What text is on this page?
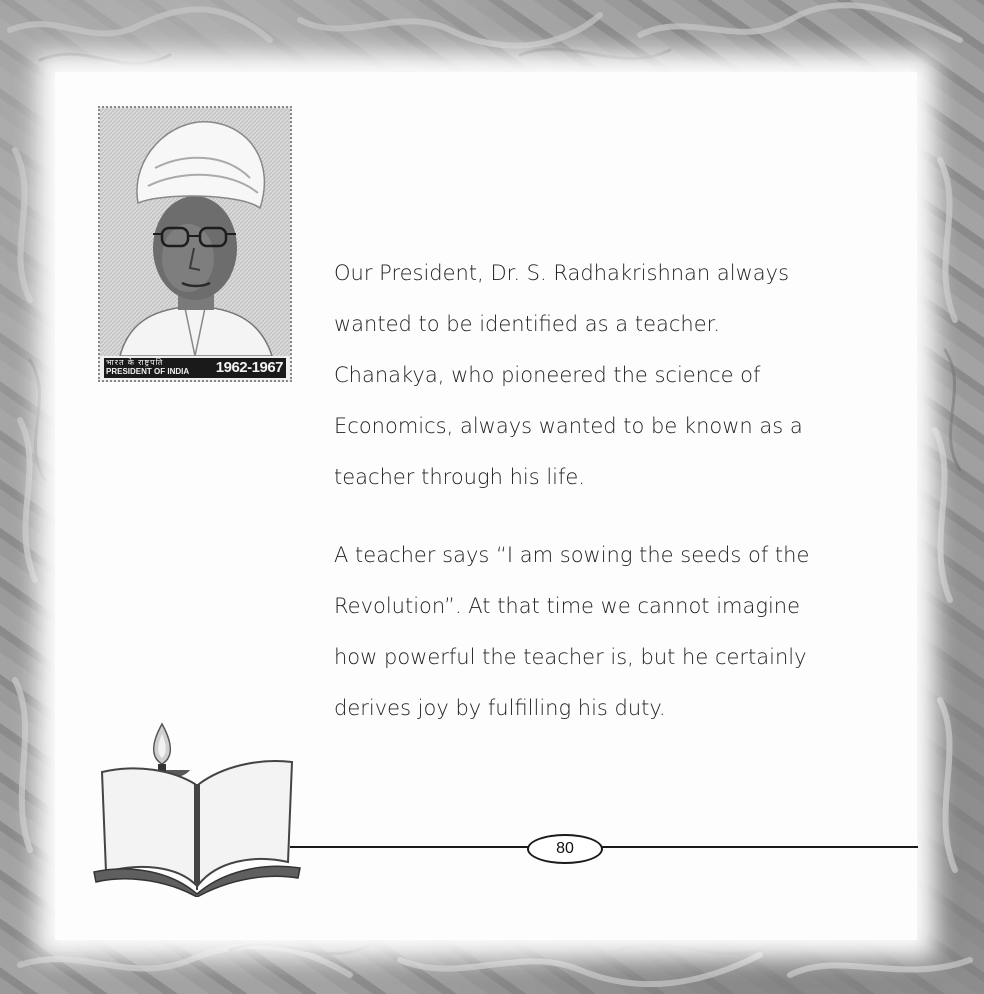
भारत के राष्ट्रपति
PRESIDENT OF INDIA	1962-1967
Our President, Dr. S. Radhakrishnan always
wanted to be identified as a teacher.
Chanakya, who pioneered the science of
Economics, always wanted to be known as a
teacher through his life.
A teacher says “I am sowing the seeds of the
Revolution”. At that time we cannot imagine
how powerful the teacher is, but he certainly
derives joy by fulfilling his duty.
80
